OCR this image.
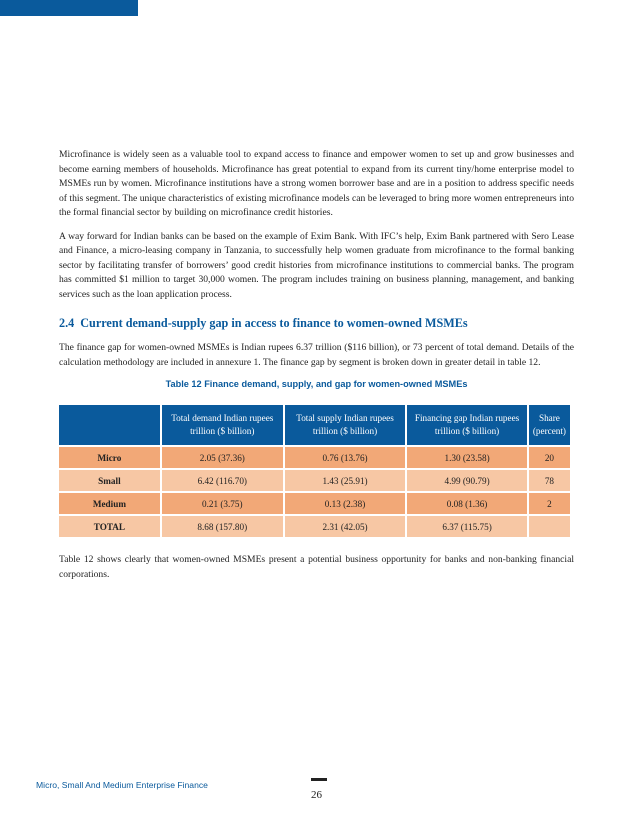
Microfinance is widely seen as a valuable tool to expand access to finance and empower women to set up and grow businesses and become earning members of households. Microfinance has great potential to expand from its current tiny/home enterprise model to MSMEs run by women. Microfinance institutions have a strong women borrower base and are in a position to address specific needs of this segment. The unique characteristics of existing microfinance models can be leveraged to bring more women entrepreneurs into the formal financial sector by building on microfinance credit histories.

A way forward for Indian banks can be based on the example of Exim Bank. With IFC’s help, Exim Bank partnered with Sero Lease and Finance, a micro-leasing company in Tanzania, to successfully help women graduate from microfinance to the formal banking sector by facilitating transfer of borrowers’ good credit histories from microfinance institutions to commercial banks. The program has committed $1 million to target 30,000 women. The program includes training on business planning, management, and banking services such as the loan application process.

2.4 Current demand-supply gap in access to finance to women-owned MSMEs

The finance gap for women-owned MSMEs is Indian rupees 6.37 trillion ($116 billion), or 73 percent of total demand. Details of the calculation methodology are included in annexure 1. The finance gap by segment is broken down in greater detail in table 12.

Table 12 Finance demand, supply, and gap for women-owned MSMEs
	Total demand Indian rupees trillion ($ billion)	Total supply Indian rupees trillion ($ billion)	Financing gap Indian rupees trillion ($ billion)	Share (percent)
Micro	2.05 (37.36)	0.76 (13.76)	1.30 (23.58)	20
Small	6.42 (116.70)	1.43 (25.91)	4.99 (90.79)	78
Medium	0.21 (3.75)	0.13 (2.38)	0.08 (1.36)	2
TOTAL	8.68 (157.80)	2.31 (42.05)	6.37 (115.75)	

Table 12 shows clearly that women-owned MSMEs present a potential business opportunity for banks and non-banking financial corporations.

Micro, Small And Medium Enterprise Finance
26
